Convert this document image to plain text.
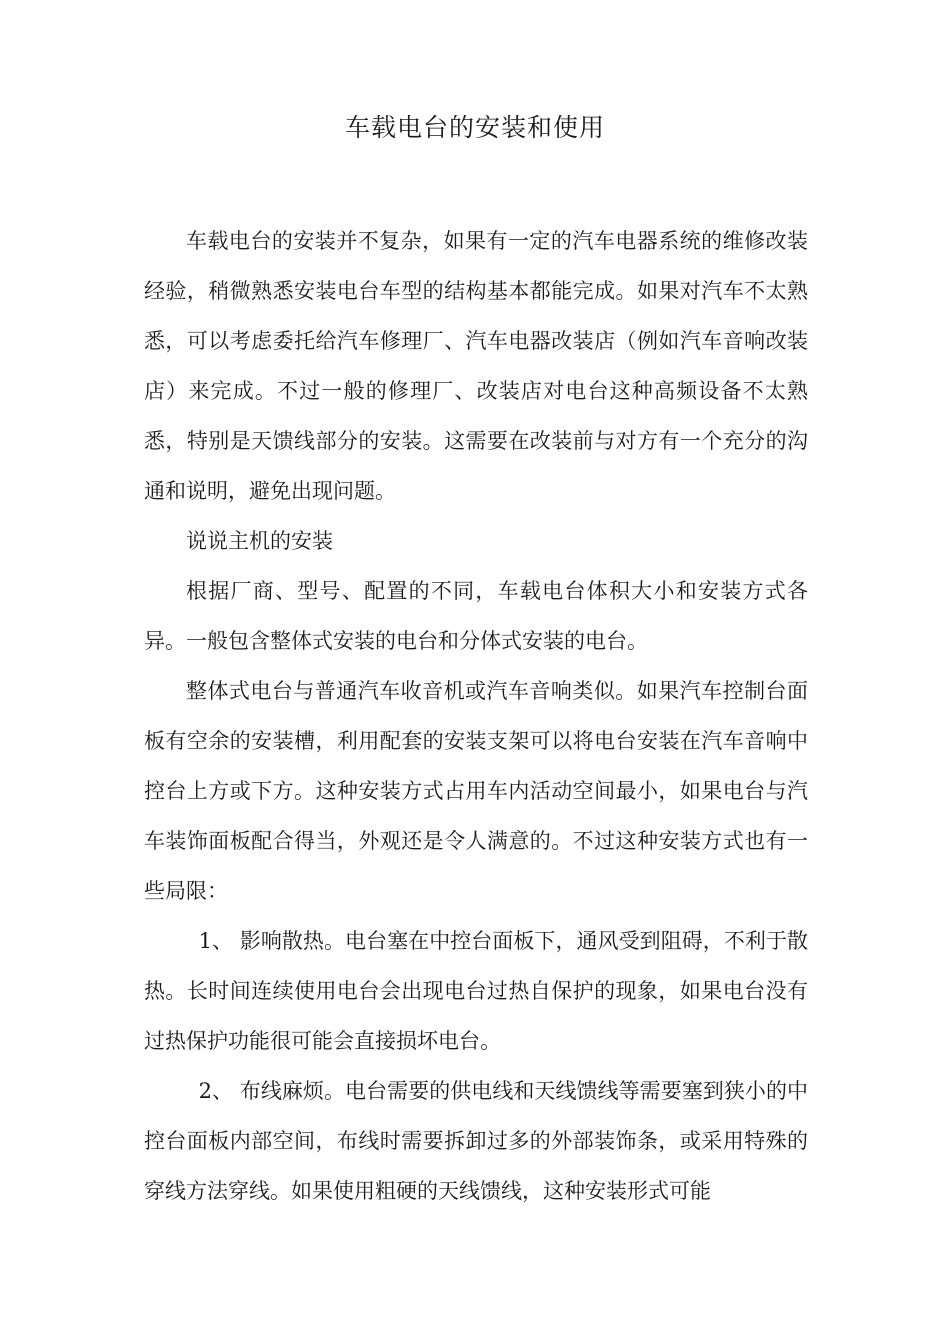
车载电台的安装和使用

车载电台的安装并不复杂，如果有一定的汽车电器系统的维修改装经验，稍微熟悉安装电台车型的结构基本都能完成。如果对汽车不太熟悉，可以考虑委托给汽车修理厂、汽车电器改装店（例如汽车音响改装店）来完成。不过一般的修理厂、改装店对电台这种高频设备不太熟悉，特别是天馈线部分的安装。这需要在改装前与对方有一个充分的沟通和说明，避免出现问题。

说说主机的安装

根据厂商、型号、配置的不同，车载电台体积大小和安装方式各异。一般包含整体式安装的电台和分体式安装的电台。

整体式电台与普通汽车收音机或汽车音响类似。如果汽车控制台面板有空余的安装槽，利用配套的安装支架可以将电台安装在汽车音响中控台上方或下方。这种安装方式占用车内活动空间最小，如果电台与汽车装饰面板配合得当，外观还是令人满意的。不过这种安装方式也有一些局限：

1、 影响散热。电台塞在中控台面板下，通风受到阻碍，不利于散热。长时间连续使用电台会出现电台过热自保护的现象，如果电台没有过热保护功能很可能会直接损坏电台。

2、 布线麻烦。电台需要的供电线和天线馈线等需要塞到狭小的中控台面板内部空间，布线时需要拆卸过多的外部装饰条，或采用特殊的穿线方法穿线。如果使用粗硬的天线馈线，这种安装形式可能
